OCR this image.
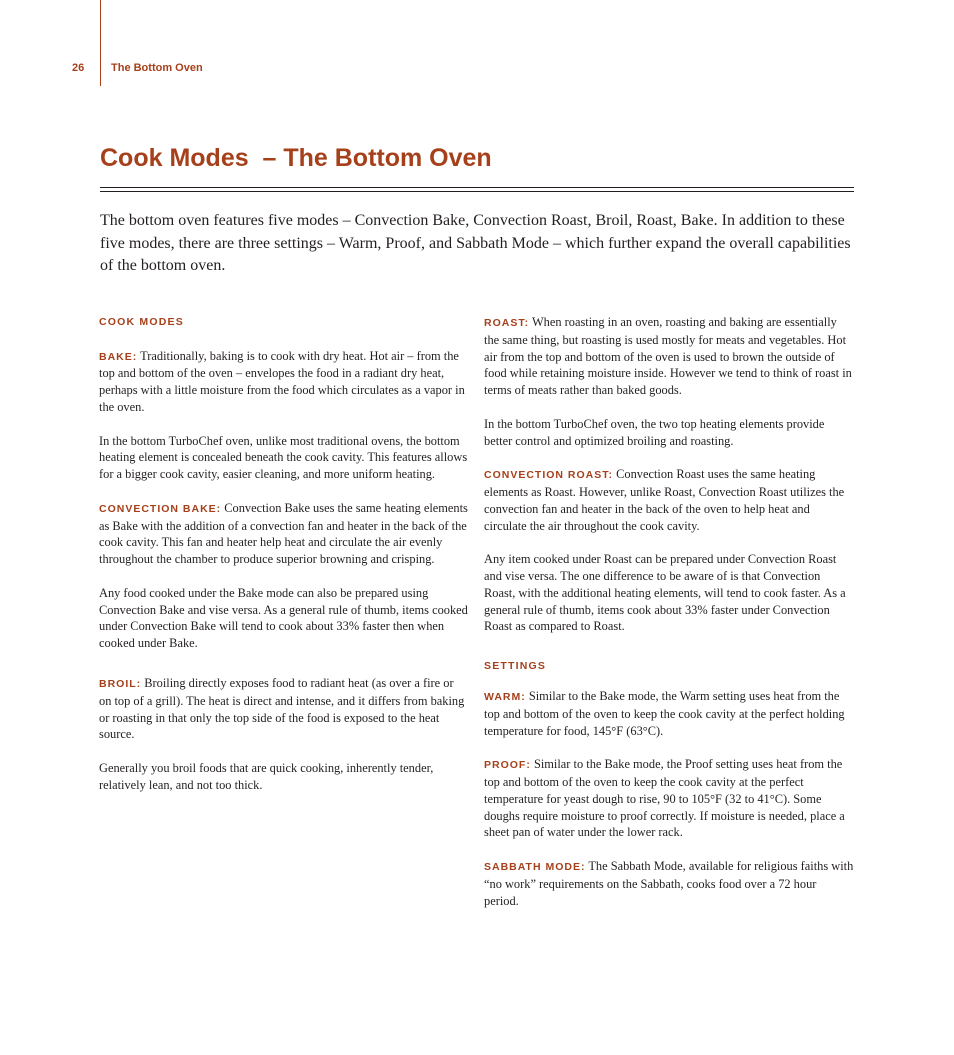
26 The Bottom Oven
Cook Modes  – The Bottom Oven

The bottom oven features five modes – Convection Bake, Convection Roast, Broil, Roast, Bake. In addition to these five modes, there are three settings – Warm, Proof, and Sabbath Mode – which further expand the overall capabilities of the bottom oven.

COOK MODES

BAKE: Traditionally, baking is to cook with dry heat. Hot air – from the top and bottom of the oven – envelopes the food in a radiant dry heat, perhaps with a little moisture from the food which circulates as a vapor in the oven.

In the bottom TurboChef oven, unlike most traditional ovens, the bottom heating element is concealed beneath the cook cavity. This features allows for a bigger cook cavity, easier cleaning, and more uniform heating.

CONVECTION BAKE: Convection Bake uses the same heating elements as Bake with the addition of a convection fan and heater in the back of the cook cavity. This fan and heater help heat and circulate the air evenly throughout the chamber to produce superior browning and crisping.

Any food cooked under the Bake mode can also be prepared using Convection Bake and vise versa. As a general rule of thumb, items cooked under Convection Bake will tend to cook about 33% faster then when cooked under Bake.

BROIL: Broiling directly exposes food to radiant heat (as over a fire or on top of a grill). The heat is direct and intense, and it differs from baking or roasting in that only the top side of the food is exposed to the heat source.

Generally you broil foods that are quick cooking, inherently tender, relatively lean, and not too thick.

ROAST: When roasting in an oven, roasting and baking are essentially the same thing, but roasting is used mostly for meats and vegetables. Hot air from the top and bottom of the oven is used to brown the outside of food while retaining moisture inside. However we tend to think of roast in terms of meats rather than baked goods.

In the bottom TurboChef oven, the two top heating elements provide better control and optimized broiling and roasting.

CONVECTION ROAST: Convection Roast uses the same heating elements as Roast. However, unlike Roast, Convection Roast utilizes the convection fan and heater in the back of the oven to help heat and circulate the air throughout the cook cavity.

Any item cooked under Roast can be prepared under Convection Roast and vise versa. The one difference to be aware of is that Convection Roast, with the additional heating elements, will tend to cook faster. As a general rule of thumb, items cook about 33% faster under Convection Roast as compared to Roast.

SETTINGS

WARM: Similar to the Bake mode, the Warm setting uses heat from the top and bottom of the oven to keep the cook cavity at the perfect holding temperature for food, 145°F (63°C).

PROOF: Similar to the Bake mode, the Proof setting uses heat from the top and bottom of the oven to keep the cook cavity at the perfect temperature for yeast dough to rise, 90 to 105°F (32 to 41°C). Some doughs require moisture to proof correctly. If moisture is needed, place a sheet pan of water under the lower rack.

SABBATH MODE: The Sabbath Mode, available for religious faiths with “no work” requirements on the Sabbath, cooks food over a 72 hour period.
